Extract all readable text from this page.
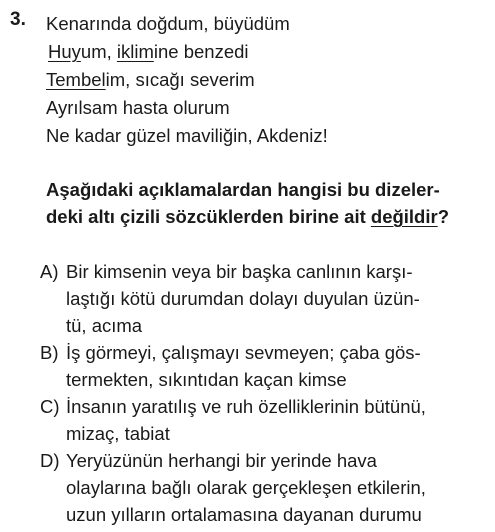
3. Kenarında doğdum, büyüdüm
Huyum, iklimine benzedi
Tembelim, sıcağı severim
Ayrılsam hasta olurum
Ne kadar güzel maviliğin, Akdeniz!
Aşağıdaki açıklamalardan hangisi bu dizeler-
deki altı çizili sözcüklerden birine ait değildir?
A) Bir kimsenin veya bir başka canlının karşı-
laştığı kötü durumdan dolayı duyulan üzün-
tü, acıma
B) İş görmeyi, çalışmayı sevmeyen; çaba gös-
termekten, sıkıntıdan kaçan kimse
C) İnsanın yaratılış ve ruh özelliklerinin bütünü,
mizaç, tabiat
D) Yeryüzünün herhangi bir yerinde hava
olaylarına bağlı olarak gerçekleşen etkilerin,
uzun yılların ortalamasına dayanan durumu
